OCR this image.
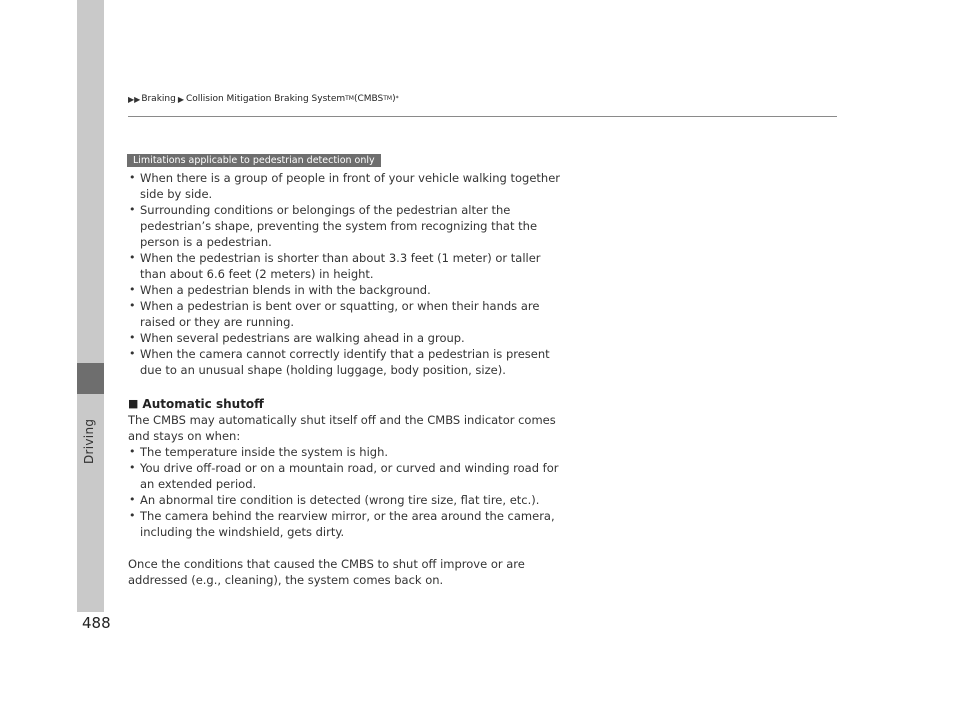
Driving
▶▶ Braking ▶ Collision Mitigation Braking System TM (CMBS TM ) *
Limitations applicable to pedestrian detection only
• When there is a group of people in front of your vehicle walking together side by side.
• Surrounding conditions or belongings of the pedestrian alter the pedestrian’s shape, preventing the system from recognizing that the person is a pedestrian.
• When the pedestrian is shorter than about 3.3 feet (1 meter) or taller than about 6.6 feet (2 meters) in height.
• When a pedestrian blends in with the background.
• When a pedestrian is bent over or squatting, or when their hands are raised or they are running.
• When several pedestrians are walking ahead in a group.
• When the camera cannot correctly identify that a pedestrian is present due to an unusual shape (holding luggage, body position, size).
■ Automatic shutoff

The CMBS may automatically shut itself off and the CMBS indicator comes and stays on when:

• The temperature inside the system is high.
• You drive off-road or on a mountain road, or curved and winding road for an extended period.
• An abnormal tire condition is detected (wrong tire size, flat tire, etc.).
• The camera behind the rearview mirror, or the area around the camera, including the windshield, gets dirty.

Once the conditions that caused the CMBS to shut off improve or are addressed (e.g., cleaning), the system comes back on.

488
